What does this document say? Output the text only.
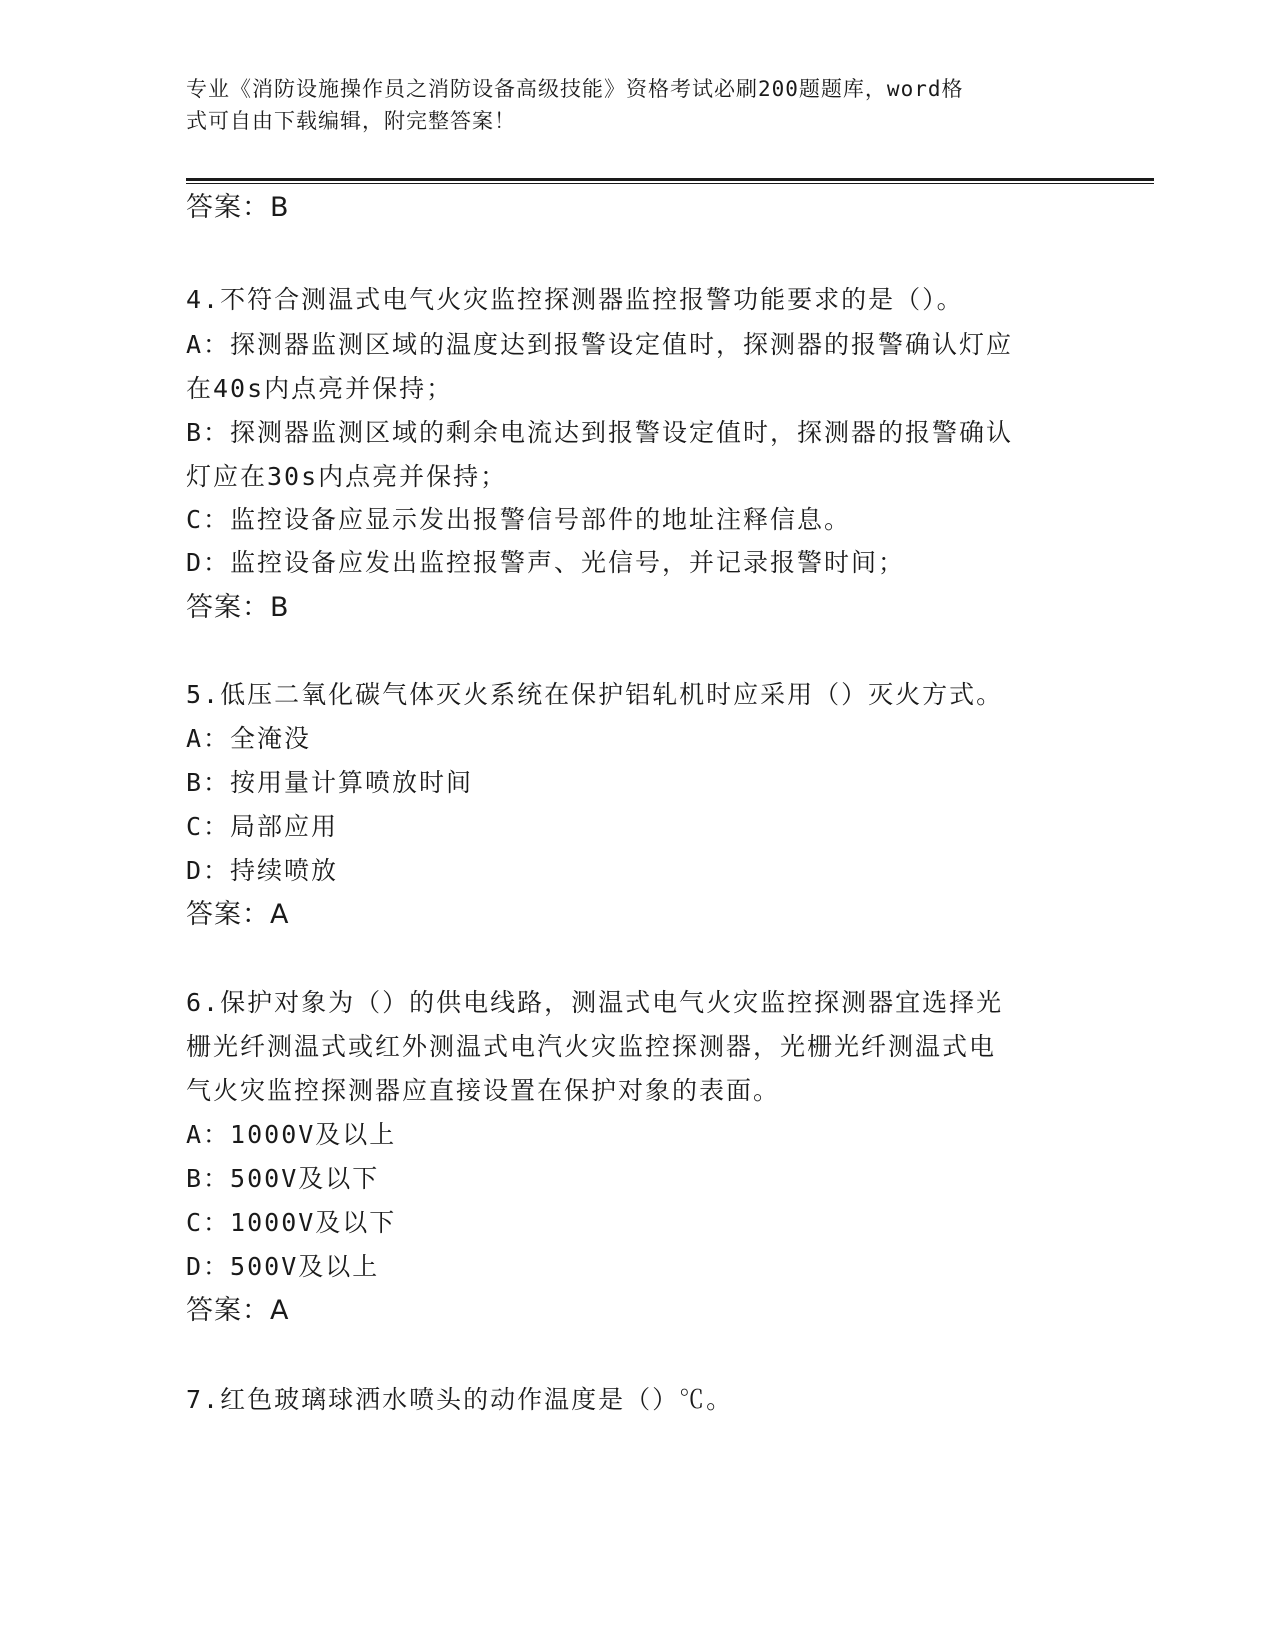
专业《消防设施操作员之消防设备高级技能》资格考试必刷200题题库，word格
式可自由下载编辑，附完整答案！
答案：B
4.不符合测温式电气火灾监控探测器监控报警功能要求的是（）。
A：探测器监测区域的温度达到报警设定值时，探测器的报警确认灯应
在40s内点亮并保持；
B：探测器监测区域的剩余电流达到报警设定值时，探测器的报警确认
灯应在30s内点亮并保持；
C：监控设备应显示发出报警信号部件的地址注释信息。
D：监控设备应发出监控报警声、光信号，并记录报警时间；
答案：B
5.低压二氧化碳气体灭火系统在保护铝轧机时应采用（）灭火方式。
A：全淹没
B：按用量计算喷放时间
C：局部应用
D：持续喷放
答案：A
6.保护对象为（）的供电线路，测温式电气火灾监控探测器宜选择光
栅光纤测温式或红外测温式电汽火灾监控探测器，光栅光纤测温式电
气火灾监控探测器应直接设置在保护对象的表面。
A：1000V及以上
B：500V及以下
C：1000V及以下
D：500V及以上
答案：A
7.红色玻璃球洒水喷头的动作温度是（）℃。
